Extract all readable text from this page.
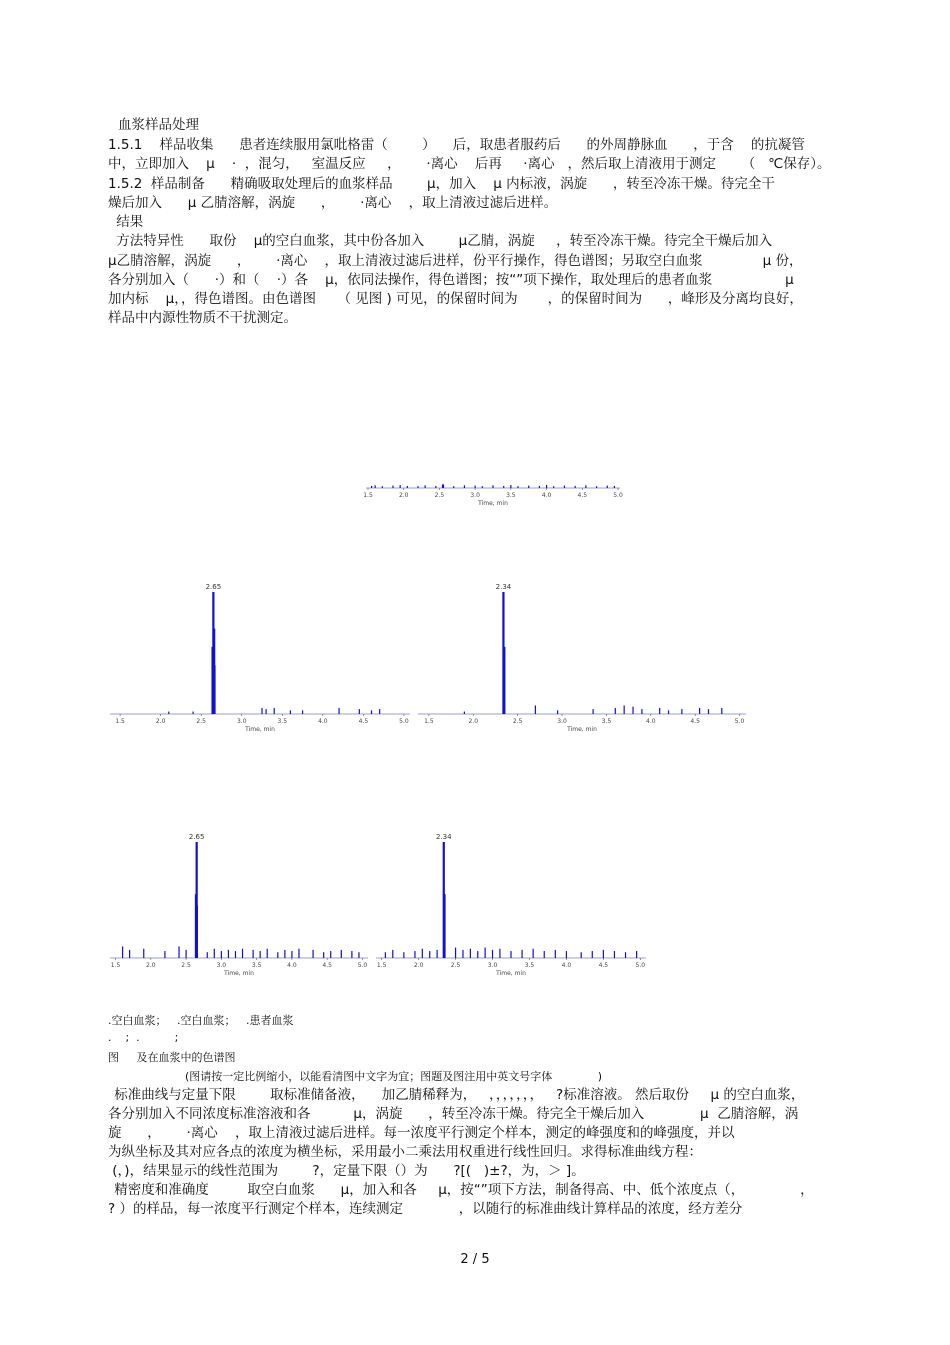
血浆样品处理
1.5.1    样品收集      患者连续服用氯吡格雷（        ）    后，取患者服药后      的外周静脉血      ，于含    的抗凝管
中，立即加入    μ    ·  ，混匀，   室温反应     ，      ·离心    后再     ·离心   ，然后取上清液用于测定      （   ℃保存）。
1.5.2  样品制备      精确吸取处理后的血浆样品        μ，加入    μ 内标液，涡旋      ，转至冷冻干燥。待完全干
燥后加入      μ 乙腈溶解，涡旋      ，      ·离心    ，取上清液过滤后进样。
结果
方法特异性      取份    μ的空白血浆，其中份各加入        μ乙腈，涡旋     ，转至冷冻干燥。待完全干燥后加入
μ乙腈溶解，涡旋      ，      ·离心    ，取上清液过滤后进样，份平行操作，得色谱图；另取空白血浆              μ 份，
各分别加入（      ·）和（    ·）各    μ，依同法操作，得色谱图；按“”项下操作，取处理后的患者血浆                 μ
加内标    μ，，得色谱图。由色谱图     （ 见图 ) 可见，的保留时间为       ，的保留时间为      ，峰形及分离均良好，
样品中内源性物质不干扰测定。
1.5	2.0	2.5	3.0	3.5	4.0	4.5	5.0
Time, min
1.5	2.0	2.5	3.0	3.5	4.0	4.5	5.0
Time, min
2.65
1.5	2.0	2.5	3.0	3.5	4.0	4.5	5.0
Time, min
2.34
1.5	2.0	2.5	3.0	3.5	4.0	4.5	5.0
Time, min
2.65
1.5	2.0	2.5	3.0	3.5	4.0	4.5	5.0
Time, min
2.34
.空白血浆；   .空白血浆；   .患者血浆
.    ;  .          ;
图     及在血浆中的色谱图
(图请按一定比例缩小，以能看清图中文字为宜；图题及图注用中英文号字体             )
标准曲线与定量下限        取标准储备液，    加乙腈稀释为，   ，，，，，，，   ?标准溶液。 然后取份     μ 的空白血浆，
各分别加入不同浓度标准溶液和各          μ，涡旋      ，转至冷冻干燥。待完全干燥后加入             μ  乙腈溶解，涡
旋      ，      ·离心    ，取上清液过滤后进样。每一浓度平行测定个样本，测定的峰强度和的峰强度，并以
为纵坐标及其对应各点的浓度为横坐标，采用最小二乘法用权重进行线性回归。求得标准曲线方程：
(，)，结果显示的线性范围为        ?，定量下限（）为      ?[(   )±?，为，＞ ]。
精密度和准确度         取空白血浆      μ，加入和各     μ，按“”项下方法，制备得高、中、低个浓度点（，             ，
? ）的样品，每一浓度平行测定个样本，连续测定             ，以随行的标准曲线计算样品的浓度，经方差分
2 / 5
